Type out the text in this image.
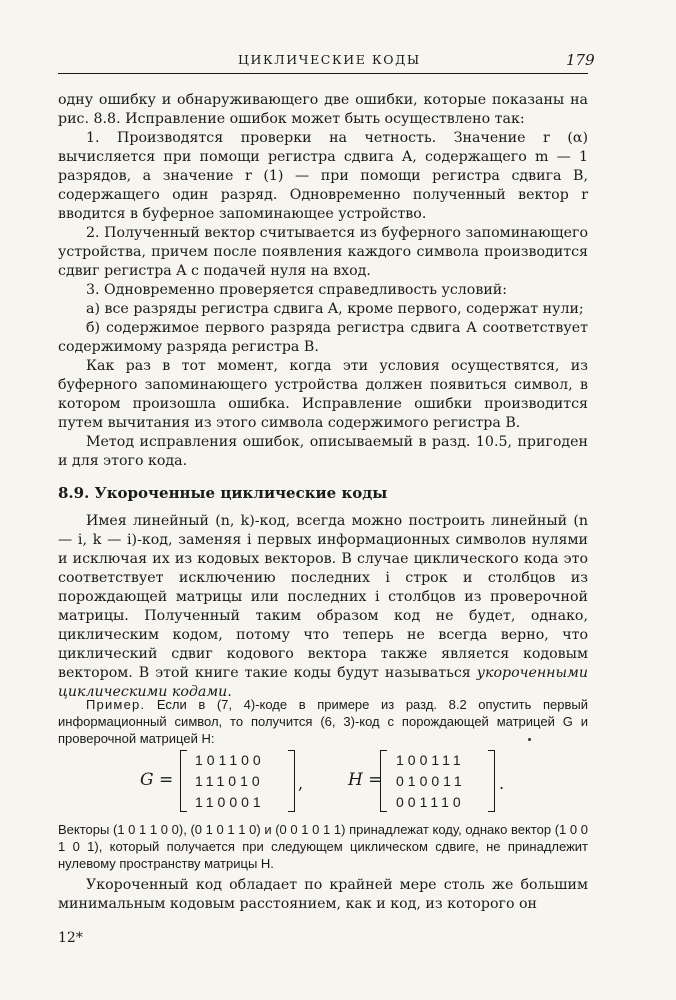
ЦИКЛИЧЕСКИЕ КОДЫ	179

одну ошибку и обнаруживающего две ошибки, которые показаны на рис. 8.8. Исправление ошибок может быть осуществлено так:

1. Производятся проверки на четность. Значение r (α) вычисляется при помощи регистра сдвига A, содержащего m — 1 разрядов, а значение r (1) — при помощи регистра сдвига B, содержащего один разряд. Одновременно полученный вектор r вводится в буферное запоминающее устройство.

2. Полученный вектор считывается из буферного запоминающего устройства, причем после появления каждого символа производится сдвиг регистра A с подачей нуля на вход.

3. Одновременно проверяется справедливость условий:

а) все разряды регистра сдвига A, кроме первого, содержат нули;

б) содержимое первого разряда регистра сдвига A соответствует содержимому разряда регистра B.

Как раз в тот момент, когда эти условия осуществятся, из буферного запоминающего устройства должен появиться символ, в котором произошла ошибка. Исправление ошибки производится путем вычитания из этого символа содержимого регистра B.

Метод исправления ошибок, описываемый в разд. 10.5, пригоден и для этого кода.

8.9. Укороченные циклические коды

Имея линейный (n, k)-код, всегда можно построить линейный (n — i, k — i)-код, заменяя i первых информационных символов нулями и исключая их из кодовых векторов. В случае циклического кода это соответствует исключению последних i строк и столбцов из порождающей матрицы или последних i столбцов из проверочной матрицы. Полученный таким образом код не будет, однако, циклическим кодом, потому что теперь не всегда верно, что циклический сдвиг кодового вектора также является кодовым вектором. В этой книге такие коды будут называться укороченными циклическими кодами.

Пример. Если в (7, 4)-коде в примере из разд. 8.2 опустить первый информационный символ, то получится (6, 3)-код с порождающей матрицей G и проверочной матрицей H:

G =
101100
111010
110001
,	H =
100111
010011
001110
.

Векторы (1 0 1 1 0 0), (0 1 0 1 1 0) и (0 0 1 0 1 1) принадлежат коду, однако вектор (1 0 0 1 0 1), который получается при следующем циклическом сдвиге, не принадлежит нулевому пространству матрицы H.

Укороченный код обладает по крайней мере столь же большим минимальным кодовым расстоянием, как и код, из которого он

12*
